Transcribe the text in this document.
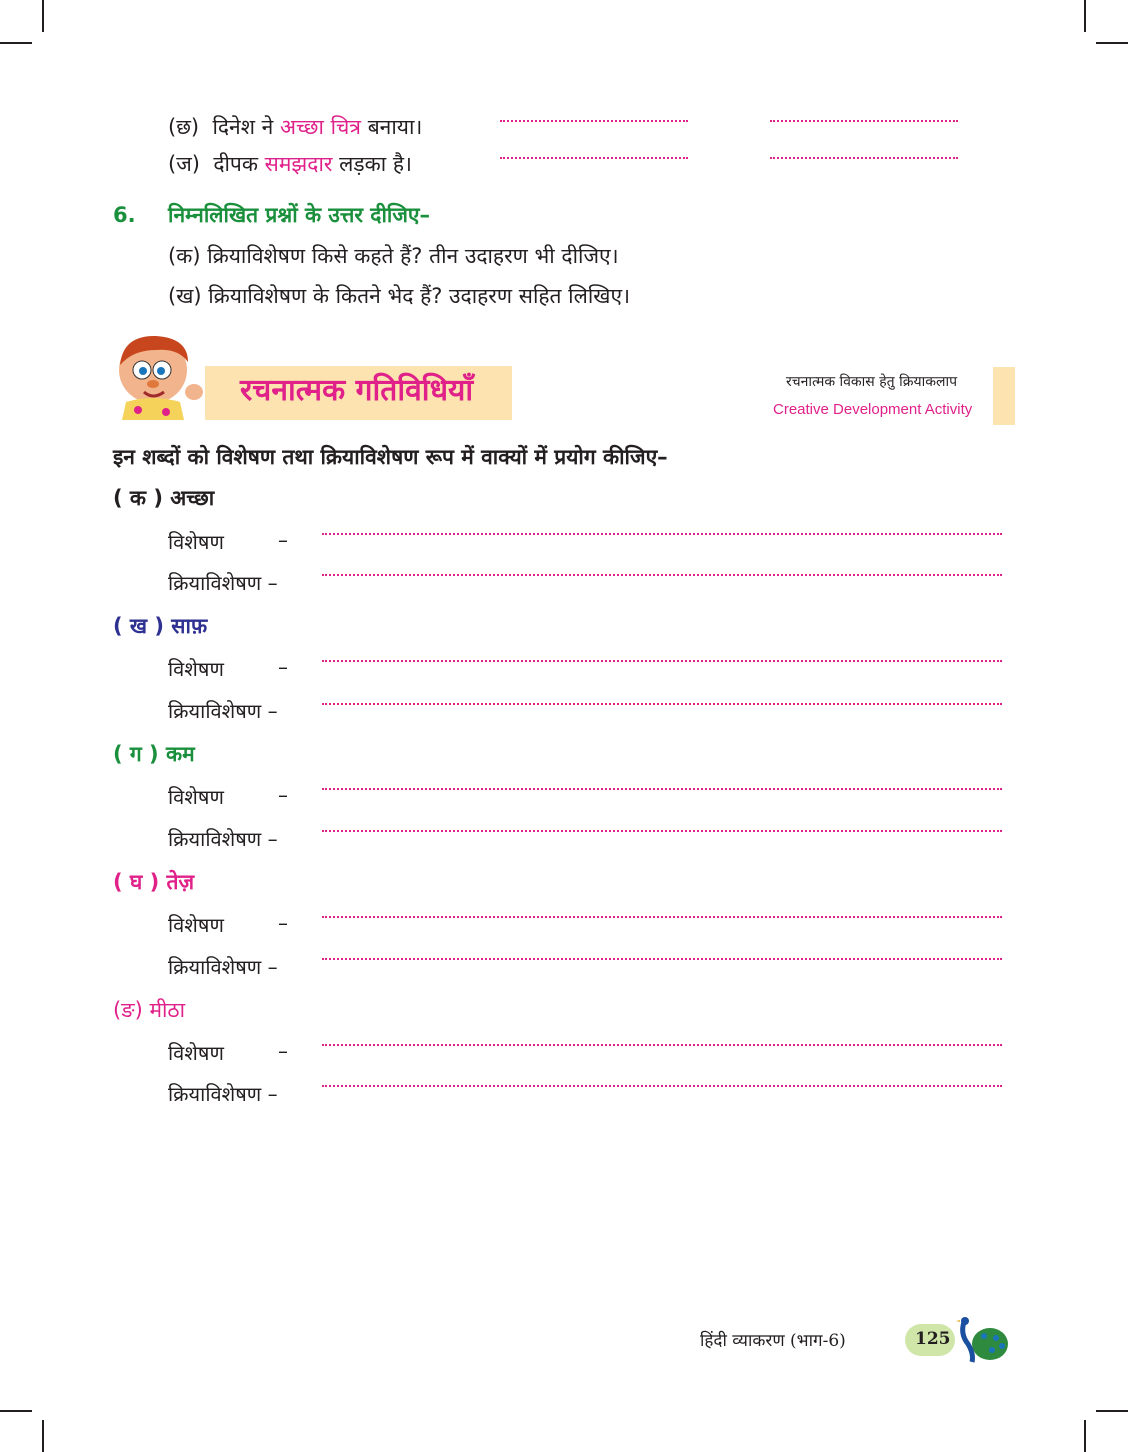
(छ) दिनेश ने अच्छा चित्र बनाया।
(ज) दीपक समझदार लड़का है।
6. निम्नलिखित प्रश्नों के उत्तर दीजिए–
(क) क्रियाविशेषण किसे कहते हैं? तीन उदाहरण भी दीजिए।
(ख) क्रियाविशेषण के कितने भेद हैं? उदाहरण सहित लिखिए।
रचनात्मक गतिविधियाँ	रचनात्मक विकास हेतु क्रियाकलाप
Creative Development Activity
इन शब्दों को विशेषण तथा क्रियाविशेषण रूप में वाक्यों में प्रयोग कीजिए–
( क ) अच्छा
विशेषण	–
क्रियाविशेषण –
( ख ) साफ़
विशेषण	–
क्रियाविशेषण –
( ग ) कम
विशेषण	–
क्रियाविशेषण –
( घ ) तेज़
विशेषण	–
क्रियाविशेषण –
(ङ) मीठा
विशेषण	–
क्रियाविशेषण –
हिंदी व्याकरण (भाग-6)	125
